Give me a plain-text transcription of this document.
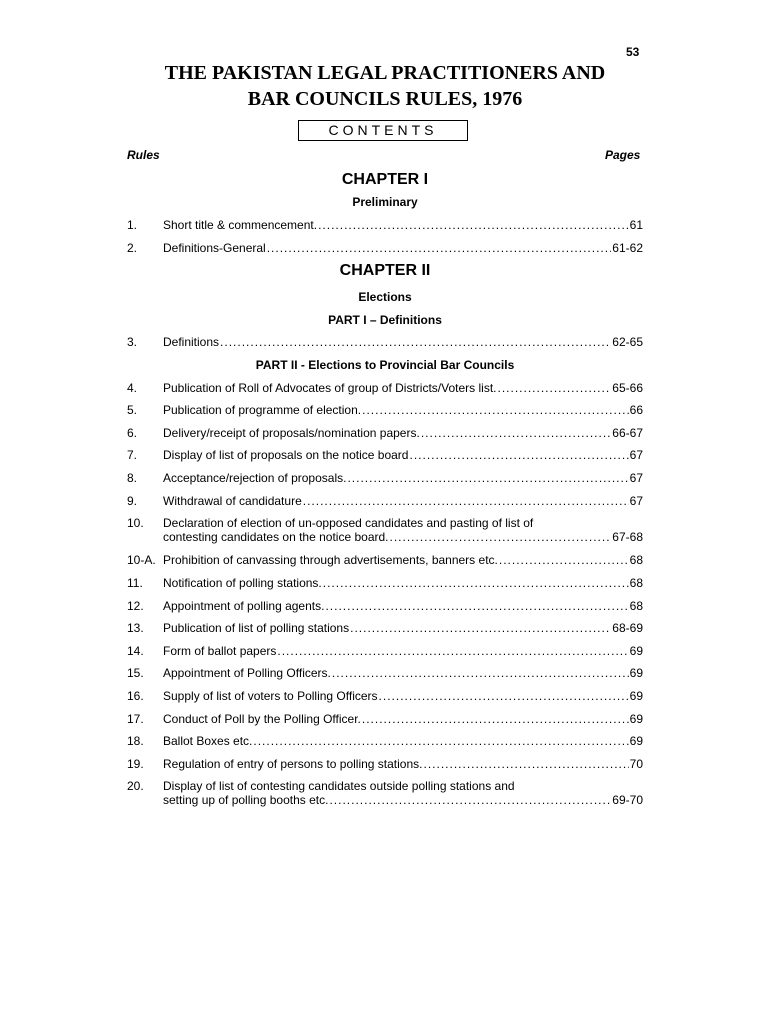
53
THE PAKISTAN LEGAL PRACTITIONERS AND
BAR COUNCILS RULES, 1976
CONTENTS
Rules	Pages
CHAPTER I
Preliminary
1. Short title & commencement. .....	61
2. Definitions-General .....	61-62
CHAPTER II
Elections
PART I – Definitions
3. Definitions .....	62-65
PART II - Elections to Provincial Bar Councils
4. Publication of Roll of Advocates of group of Districts/Voters list. .....	65-66
5. Publication of programme of election. .....	66
6. Delivery/receipt of proposals/nomination papers. .....	66-67
7. Display of list of proposals on the notice board .....	67
8. Acceptance/rejection of proposals. .....	67
9. Withdrawal of candidature .....	67
10. Declaration of election of un-opposed candidates and pasting of list of
contesting candidates on the notice board. .....	67-68
10-A. Prohibition of canvassing through advertisements, banners etc. .....	68
11. Notification of polling stations. .....	68
12. Appointment of polling agents. .....	68
13. Publication of list of polling stations .....	68-69
14. Form of ballot papers .....	69
15. Appointment of Polling Officers. .....	69
16. Supply of list of voters to Polling Officers .....	69
17. Conduct of Poll by the Polling Officer. .....	69
18. Ballot Boxes etc. .....	69
19. Regulation of entry of persons to polling stations. .....	70
20. Display of list of contesting candidates outside polling stations and
setting up of polling booths etc. .....	69-70
